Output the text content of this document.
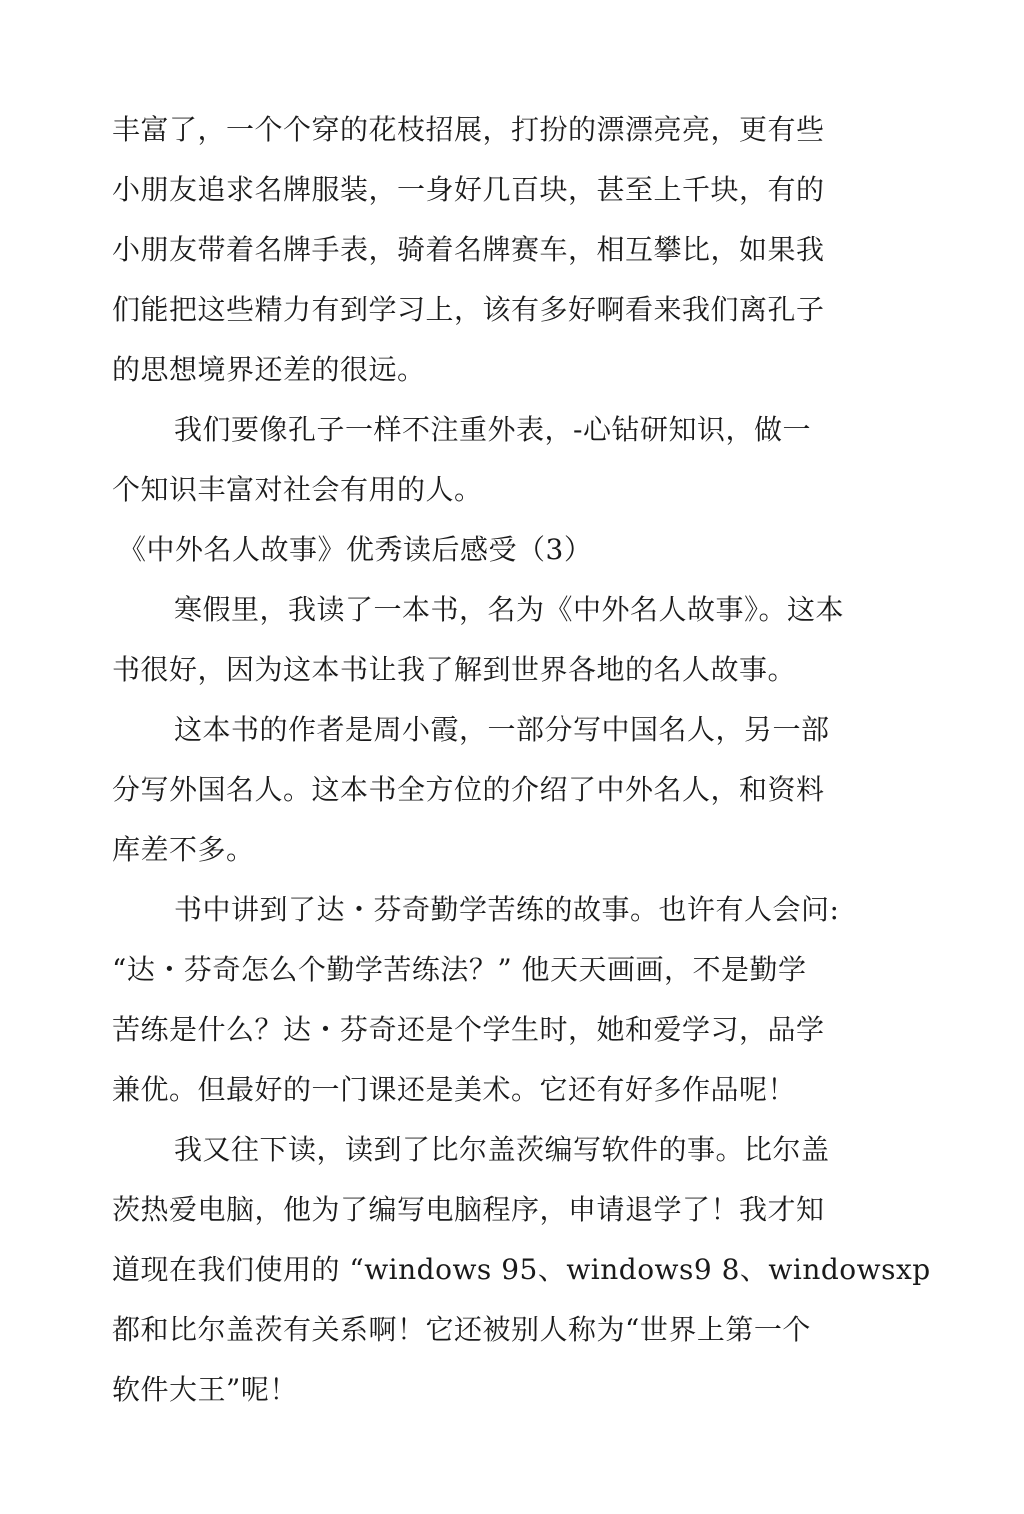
丰富了，一个个穿的花枝招展，打扮的漂漂亮亮，更有些
小朋友追求名牌服装，一身好几百块，甚至上千块，有的
小朋友带着名牌手表，骑着名牌赛车，相互攀比，如果我
们能把这些精力有到学习上，该有多好啊看来我们离孔子
的思想境界还差的很远。
我们要像孔子一样不注重外表，-心钻研知识，做一
个知识丰富对社会有用的人。
《中外名人故事》优秀读后感受（3）
寒假里，我读了一本书，名为《中外名人故事》。这本
书很好，因为这本书让我了解到世界各地的名人故事。
这本书的作者是周小霞，一部分写中国名人，另一部
分写外国名人。这本书全方位的介绍了中外名人，和资料
库差不多。
书中讲到了达・芬奇勤学苦练的故事。也许有人会问:
“达・芬奇怎么个勤学苦练法？” 他天天画画，不是勤学
苦练是什么？达・芬奇还是个学生时，她和爱学习，品学
兼优。但最好的一门课还是美术。它还有好多作品呢！
我又往下读，读到了比尔盖茨编写软件的事。比尔盖
茨热爱电脑，他为了编写电脑程序，申请退学了！我才知
道现在我们使用的 “windows 95、windows9 8、windowsxp
都和比尔盖茨有关系啊！它还被别人称为“世界上第一个
软件大王”呢！
